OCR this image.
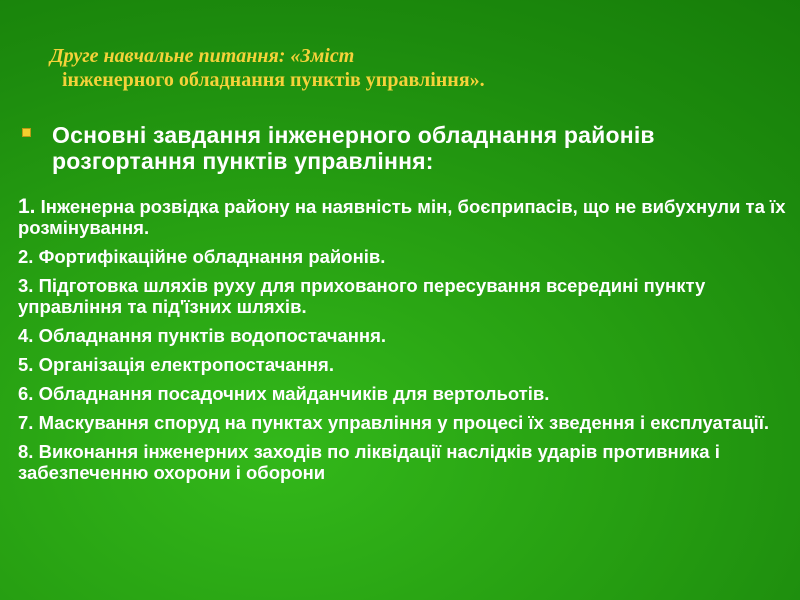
Друге навчальне питання: «Зміст
інженерного обладнання пунктів управління».
Основні завдання інженерного обладнання районів розгортання пунктів управління:
1. Інженерна розвідка району на наявність мін, боєприпасів, що не вибухнули та їх розмінування.
2. Фортифікаційне обладнання районів.
3. Підготовка шляхів руху для прихованого пересування всередині пункту управління та під'їзних шляхів.
4. Обладнання пунктів водопостачання.
5. Організація електропостачання.
6. Обладнання посадочних майданчиків для вертольотів.
7. Маскування споруд на пунктах управління у процесі їх зведення і експлуатації.
8. Виконання інженерних заходів по ліквідації наслідків ударів противника і забезпеченню охорони і оборони
